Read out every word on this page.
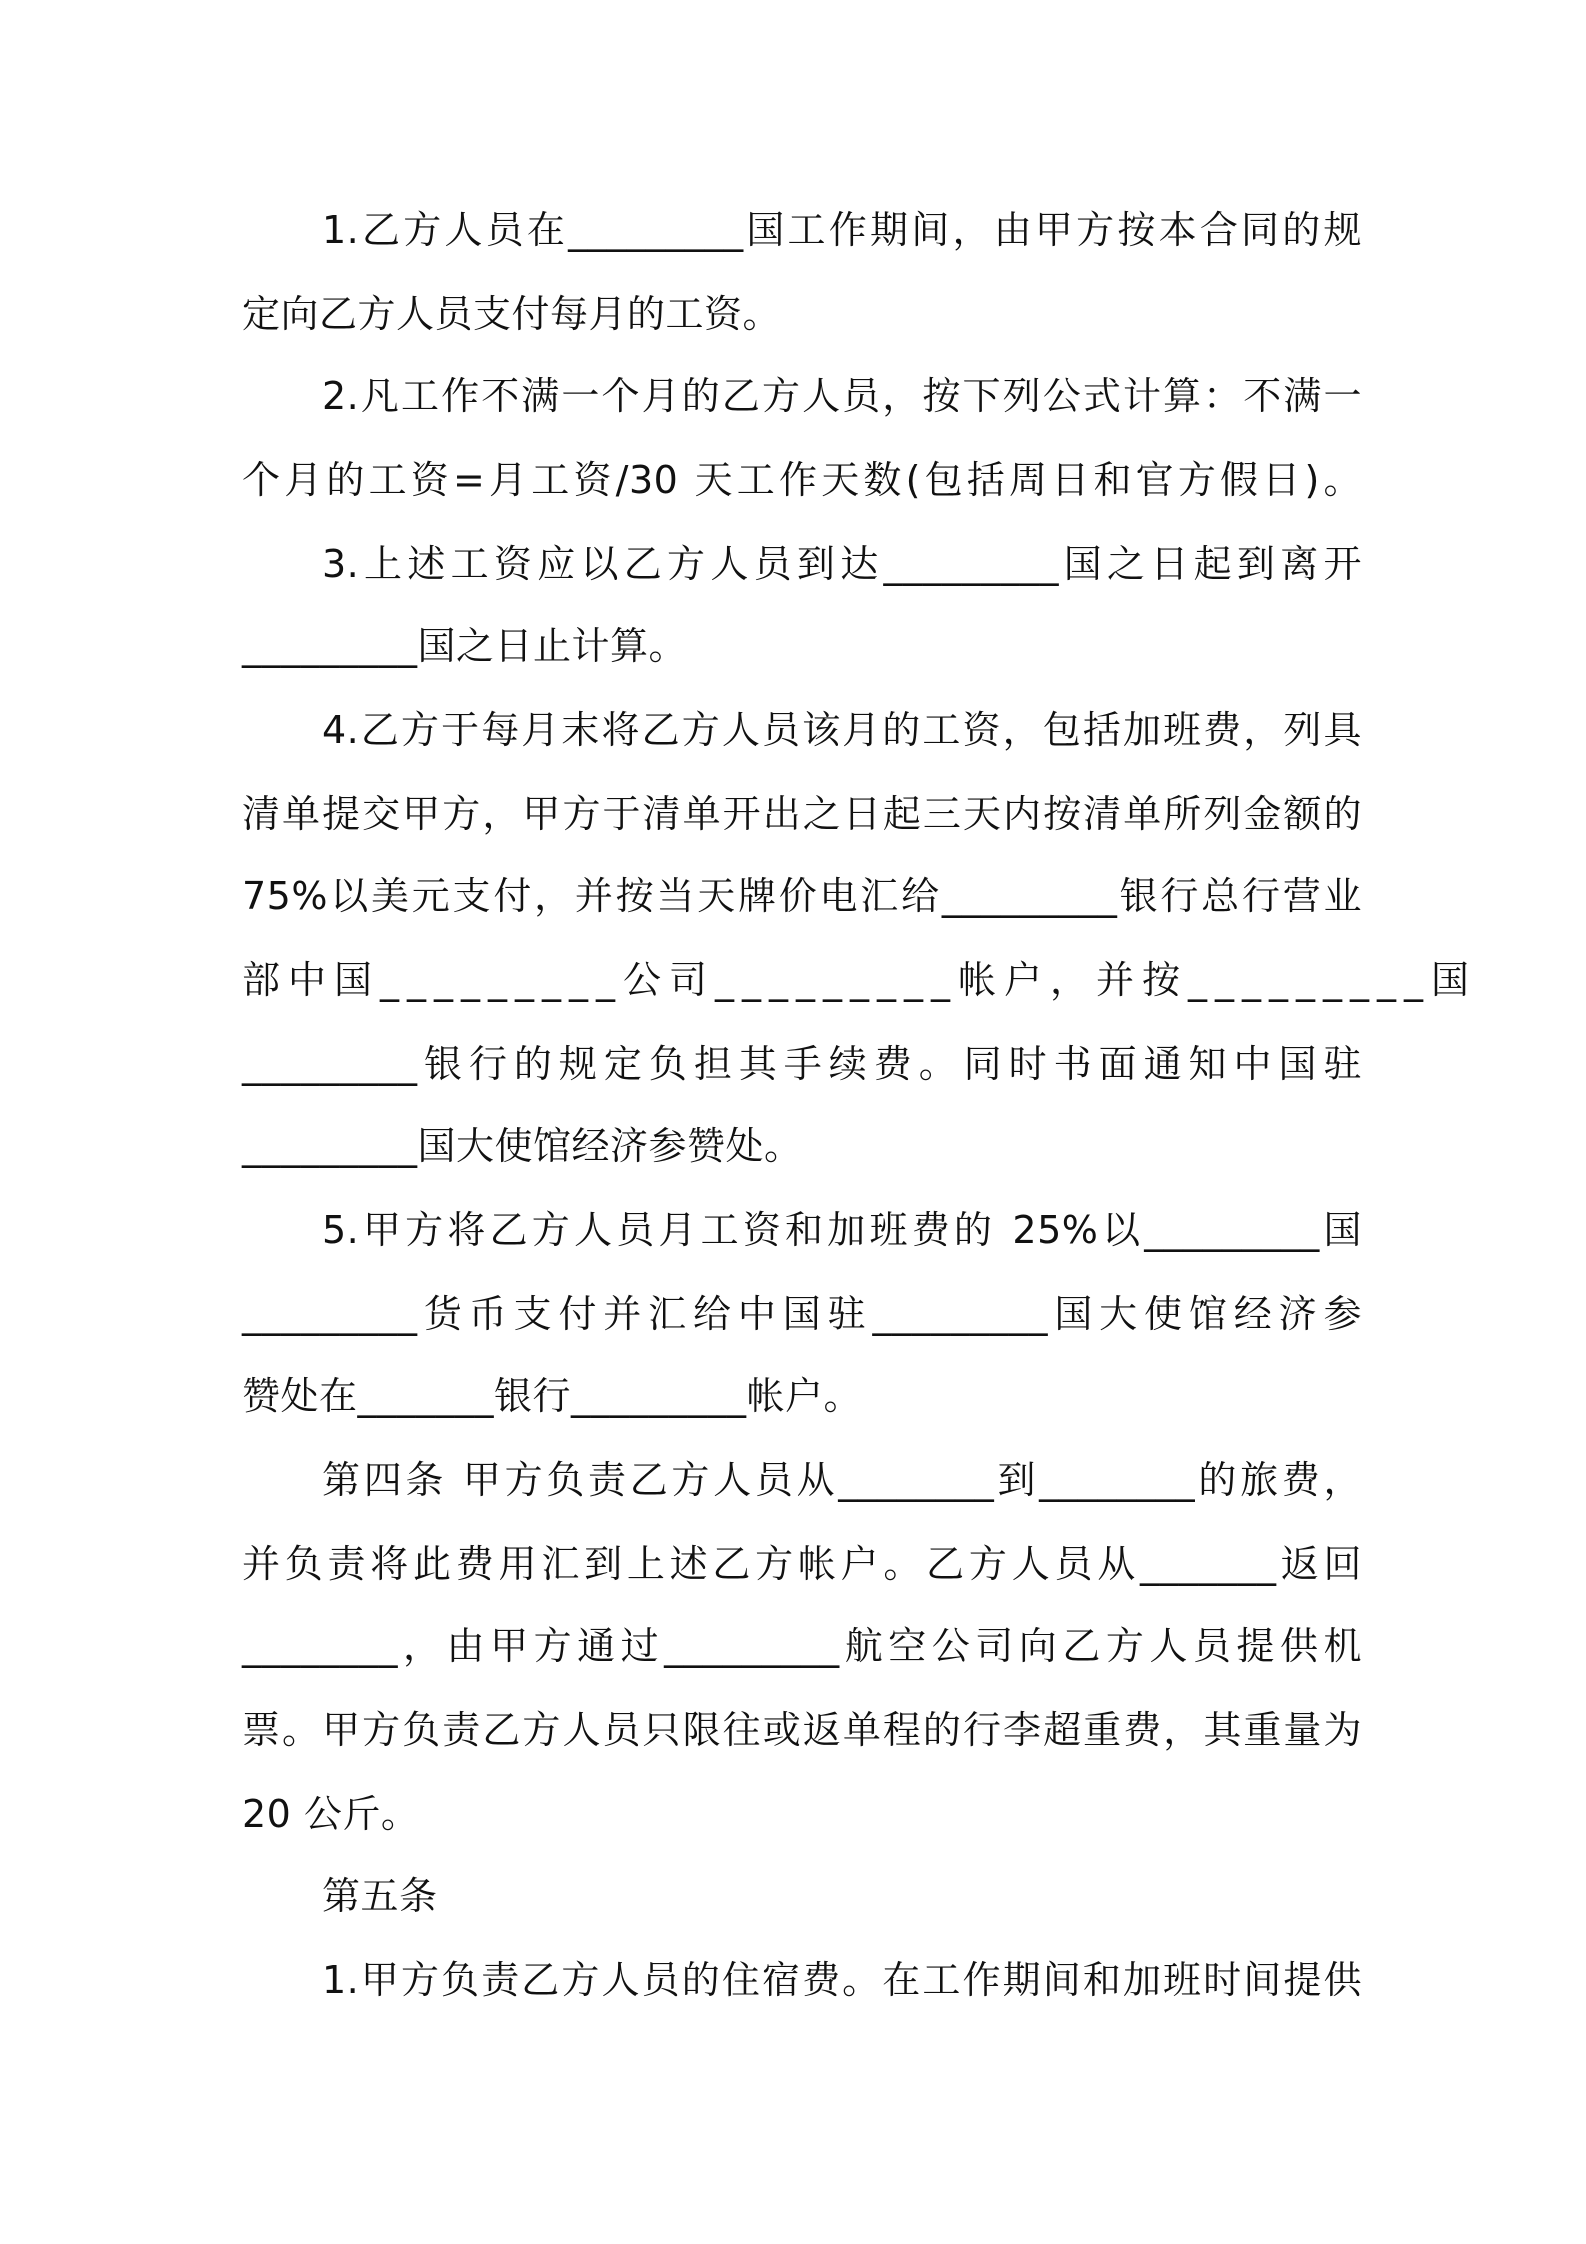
1.乙方人员在_________国工作期间，由甲方按本合同的规
定向乙方人员支付每月的工资。
2.凡工作不满一个月的乙方人员，按下列公式计算：不满一
个月的工资=月工资/30 天工作天数(包括周日和官方假日)。
3.上述工资应以乙方人员到达_________国之日起到离开
_________国之日止计算。
4.乙方于每月末将乙方人员该月的工资，包括加班费，列具
清单提交甲方，甲方于清单开出之日起三天内按清单所列金额的
75%以美元支付，并按当天牌价电汇给_________银行总行营业
部中国_________公司_________帐户，并按_________国
_________银行的规定负担其手续费。同时书面通知中国驻
_________国大使馆经济参赞处。
5.甲方将乙方人员月工资和加班费的 25%以_________国
_________货币支付并汇给中国驻_________国大使馆经济参
赞处在_______银行_________帐户。
第四条 甲方负责乙方人员从________到________的旅费，
并负责将此费用汇到上述乙方帐户。乙方人员从_______返回
________，由甲方通过_________航空公司向乙方人员提供机
票。甲方负责乙方人员只限往或返单程的行李超重费，其重量为
20 公斤。
第五条
1.甲方负责乙方人员的住宿费。在工作期间和加班时间提供
